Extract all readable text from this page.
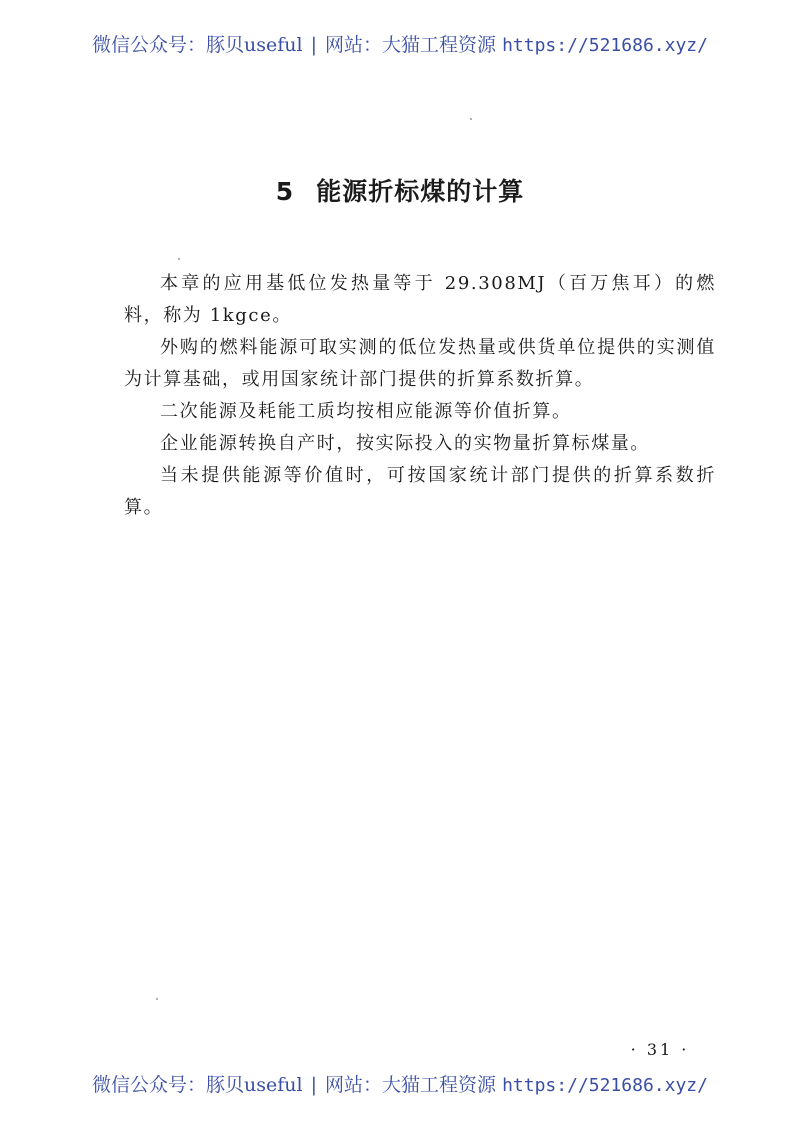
微信公众号：豚贝useful | 网站：大猫工程资源 https://521686.xyz/
5 能源折标煤的计算

本章的应用基低位发热量等于 29.308MJ（百万焦耳）的燃料，称为 1kgce。

外购的燃料能源可取实测的低位发热量或供货单位提供的实测值为计算基础，或用国家统计部门提供的折算系数折算。

二次能源及耗能工质均按相应能源等价值折算。

企业能源转换自产时，按实际投入的实物量折算标煤量。

当未提供能源等价值时，可按国家统计部门提供的折算系数折算。

· 31 ·
微信公众号：豚贝useful | 网站：大猫工程资源 https://521686.xyz/
